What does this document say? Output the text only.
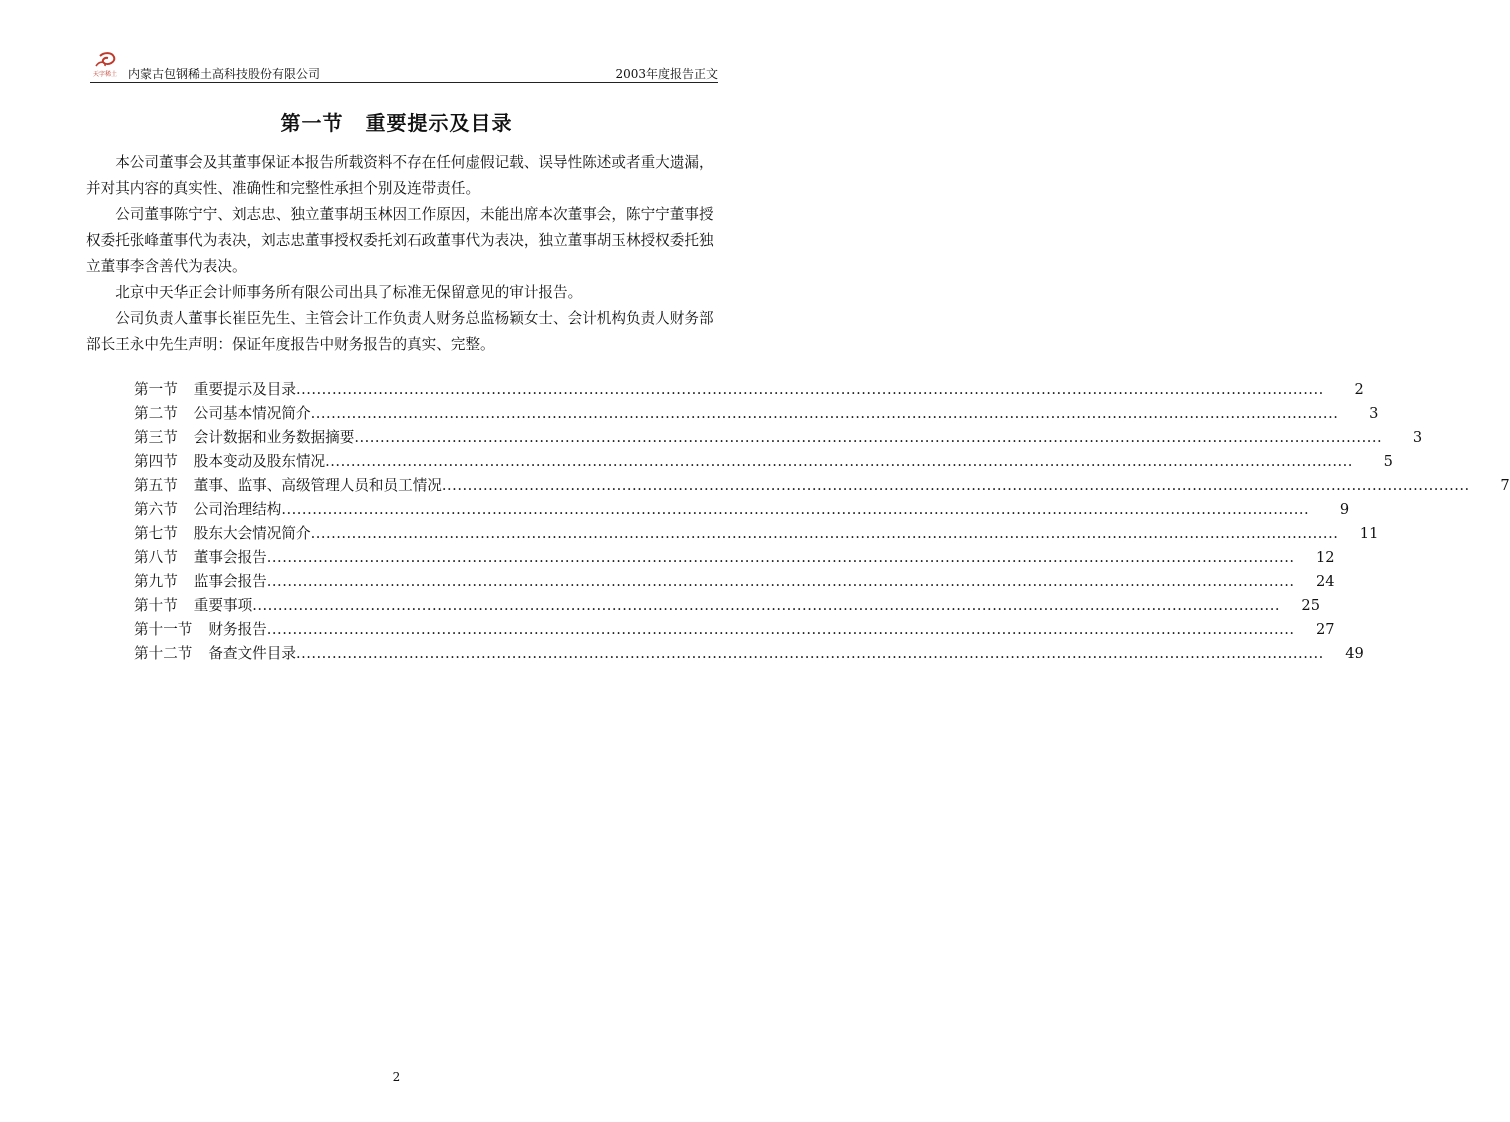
天字稀土 内蒙古包钢稀土高科技股份有限公司	2003年度报告正文
第一节 重要提示及目录

本公司董事会及其董事保证本报告所载资料不存在任何虚假记载、误导性陈述或者重大遗漏，并对其内容的真实性、准确性和完整性承担个别及连带责任。

公司董事陈宁宁、刘志忠、独立董事胡玉林因工作原因，未能出席本次董事会，陈宁宁董事授权委托张峰董事代为表决，刘志忠董事授权委托刘石政董事代为表决，独立董事胡玉林授权委托独立董事李含善代为表决。

北京中天华正会计师事务所有限公司出具了标准无保留意见的审计报告。

公司负责人董事长崔臣先生、主管会计工作负责人财务总监杨颖女士、会计机构负责人财务部部长王永中先生声明：保证年度报告中财务报告的真实、完整。

第一节	重要提示及目录 ........................................................................................................................................................................................................	2
第二节	公司基本情况简介 ........................................................................................................................................................................................................	3
第三节	会计数据和业务数据摘要 ........................................................................................................................................................................................................	3
第四节	股本变动及股东情况 ........................................................................................................................................................................................................	5
第五节	董事、监事、高级管理人员和员工情况 ........................................................................................................................................................................................................	7
第六节	公司治理结构 ........................................................................................................................................................................................................	9
第七节	股东大会情况简介 ........................................................................................................................................................................................................	11
第八节	董事会报告 ........................................................................................................................................................................................................	12
第九节	监事会报告 ........................................................................................................................................................................................................	24
第十节	重要事项 ........................................................................................................................................................................................................	25
第十一节	财务报告 ........................................................................................................................................................................................................	27
第十二节	备查文件目录 ........................................................................................................................................................................................................	49
2
